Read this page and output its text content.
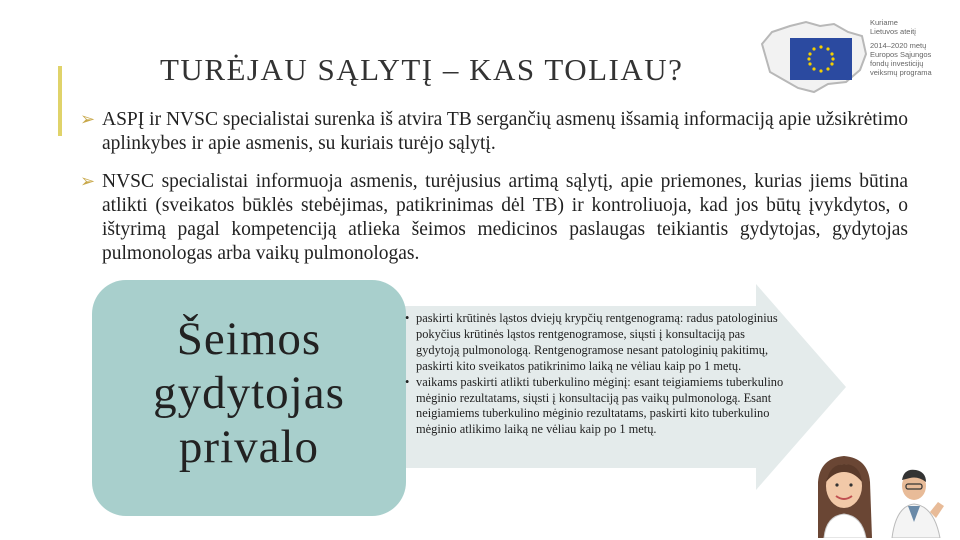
TURĖJAU SĄLYTĮ – KAS TOLIAU?
Kuriame
Lietuvos ateitį
2014–2020 metų
Europos Sąjungos
fondų investicijų
veiksmų programa
➢ ASPĮ ir NVSC specialistai surenka iš atvira TB sergančių asmenų išsamią informaciją apie užsikrėtimo aplinkybes ir apie asmenis, su kuriais turėjo sąlytį.
➢ NVSC specialistai informuoja asmenis, turėjusius artimą sąlytį, apie priemones, kurias jiems būtina atlikti (sveikatos būklės stebėjimas, patikrinimas dėl TB) ir kontroliuoja, kad jos būtų įvykdytos, o ištyrimą pagal kompetenciją atlieka šeimos medicinos paslaugas teikiantis gydytojas, gydytojas pulmonologas arba vaikų pulmonologas.
Šeimos
gydytojas
privalo
• paskirti krūtinės ląstos dviejų krypčių rentgenogramą: radus patologinius pokyčius krūtinės ląstos rentgenogramose, siųsti į konsultaciją pas gydytoją pulmonologą. Rentgenogramose nesant patologinių pakitimų, paskirti kito sveikatos patikrinimo laiką ne vėliau kaip po 1 metų.
• vaikams paskirti atlikti tuberkulino mėginį: esant teigiamiems tuberkulino mėginio rezultatams, siųsti į konsultaciją pas vaikų pulmonologą. Esant neigiamiems tuberkulino mėginio rezultatams, paskirti kito tuberkulino mėginio atlikimo laiką ne vėliau kaip po 1 metų.
